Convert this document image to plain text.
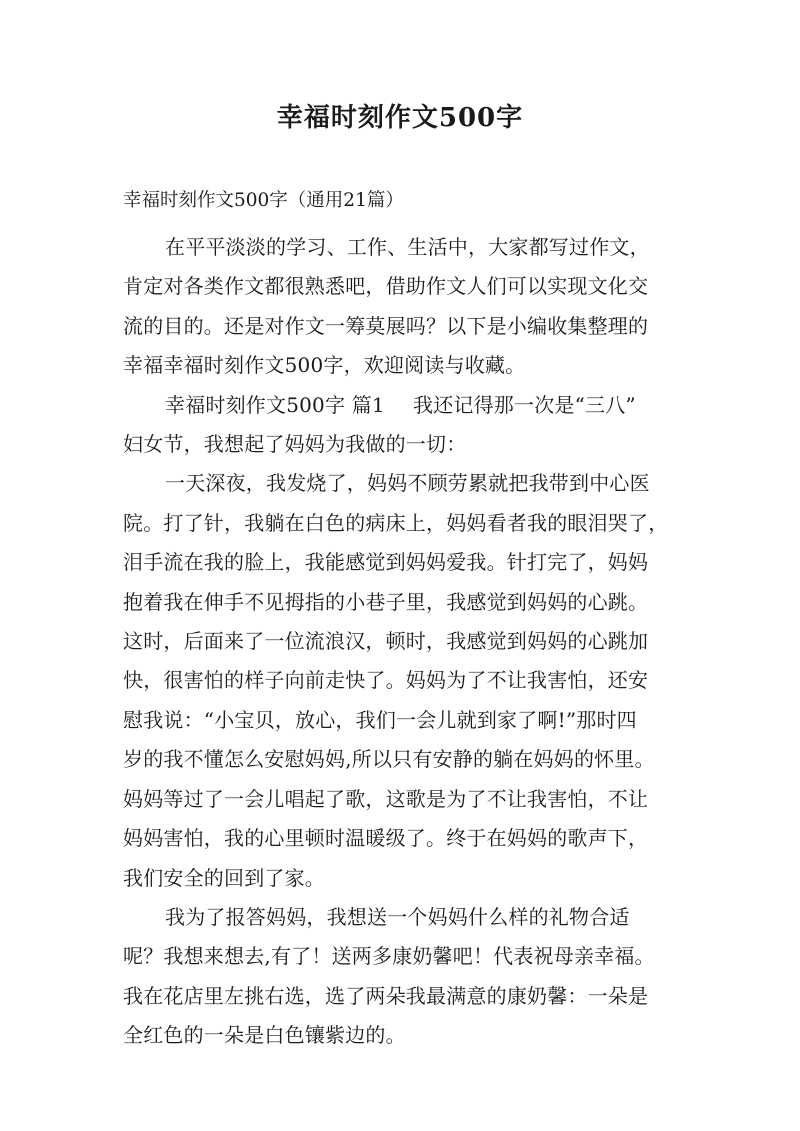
幸福时刻作文500字
幸福时刻作文500字（通用21篇）
在平平淡淡的学习、工作、生活中，大家都写过作文，
肯定对各类作文都很熟悉吧，借助作文人们可以实现文化交
流的目的。还是对作文一筹莫展吗？以下是小编收集整理的
幸福幸福时刻作文500字，欢迎阅读与收藏。
幸福时刻作文500字 篇1 我还记得那一次是“三八”
妇女节，我想起了妈妈为我做的一切：
一天深夜，我发烧了，妈妈不顾劳累就把我带到中心医
院。打了针，我躺在白色的病床上，妈妈看者我的眼泪哭了，
泪手流在我的脸上，我能感觉到妈妈爱我。针打完了，妈妈
抱着我在伸手不见拇指的小巷子里，我感觉到妈妈的心跳。
这时，后面来了一位流浪汉，顿时，我感觉到妈妈的心跳加
快，很害怕的样子向前走快了。妈妈为了不让我害怕，还安
慰我说：“小宝贝，放心，我们一会儿就到家了啊!”那时四
岁的我不懂怎么安慰妈妈,所以只有安静的躺在妈妈的怀里。
妈妈等过了一会儿唱起了歌，这歌是为了不让我害怕，不让
妈妈害怕，我的心里顿时温暖级了。终于在妈妈的歌声下，
我们安全的回到了家。
我为了报答妈妈，我想送一个妈妈什么样的礼物合适
呢？我想来想去,有了！送两多康奶馨吧！代表祝母亲幸福。
我在花店里左挑右选，选了两朵我最满意的康奶馨：一朵是
全红色的一朵是白色镶紫边的。
